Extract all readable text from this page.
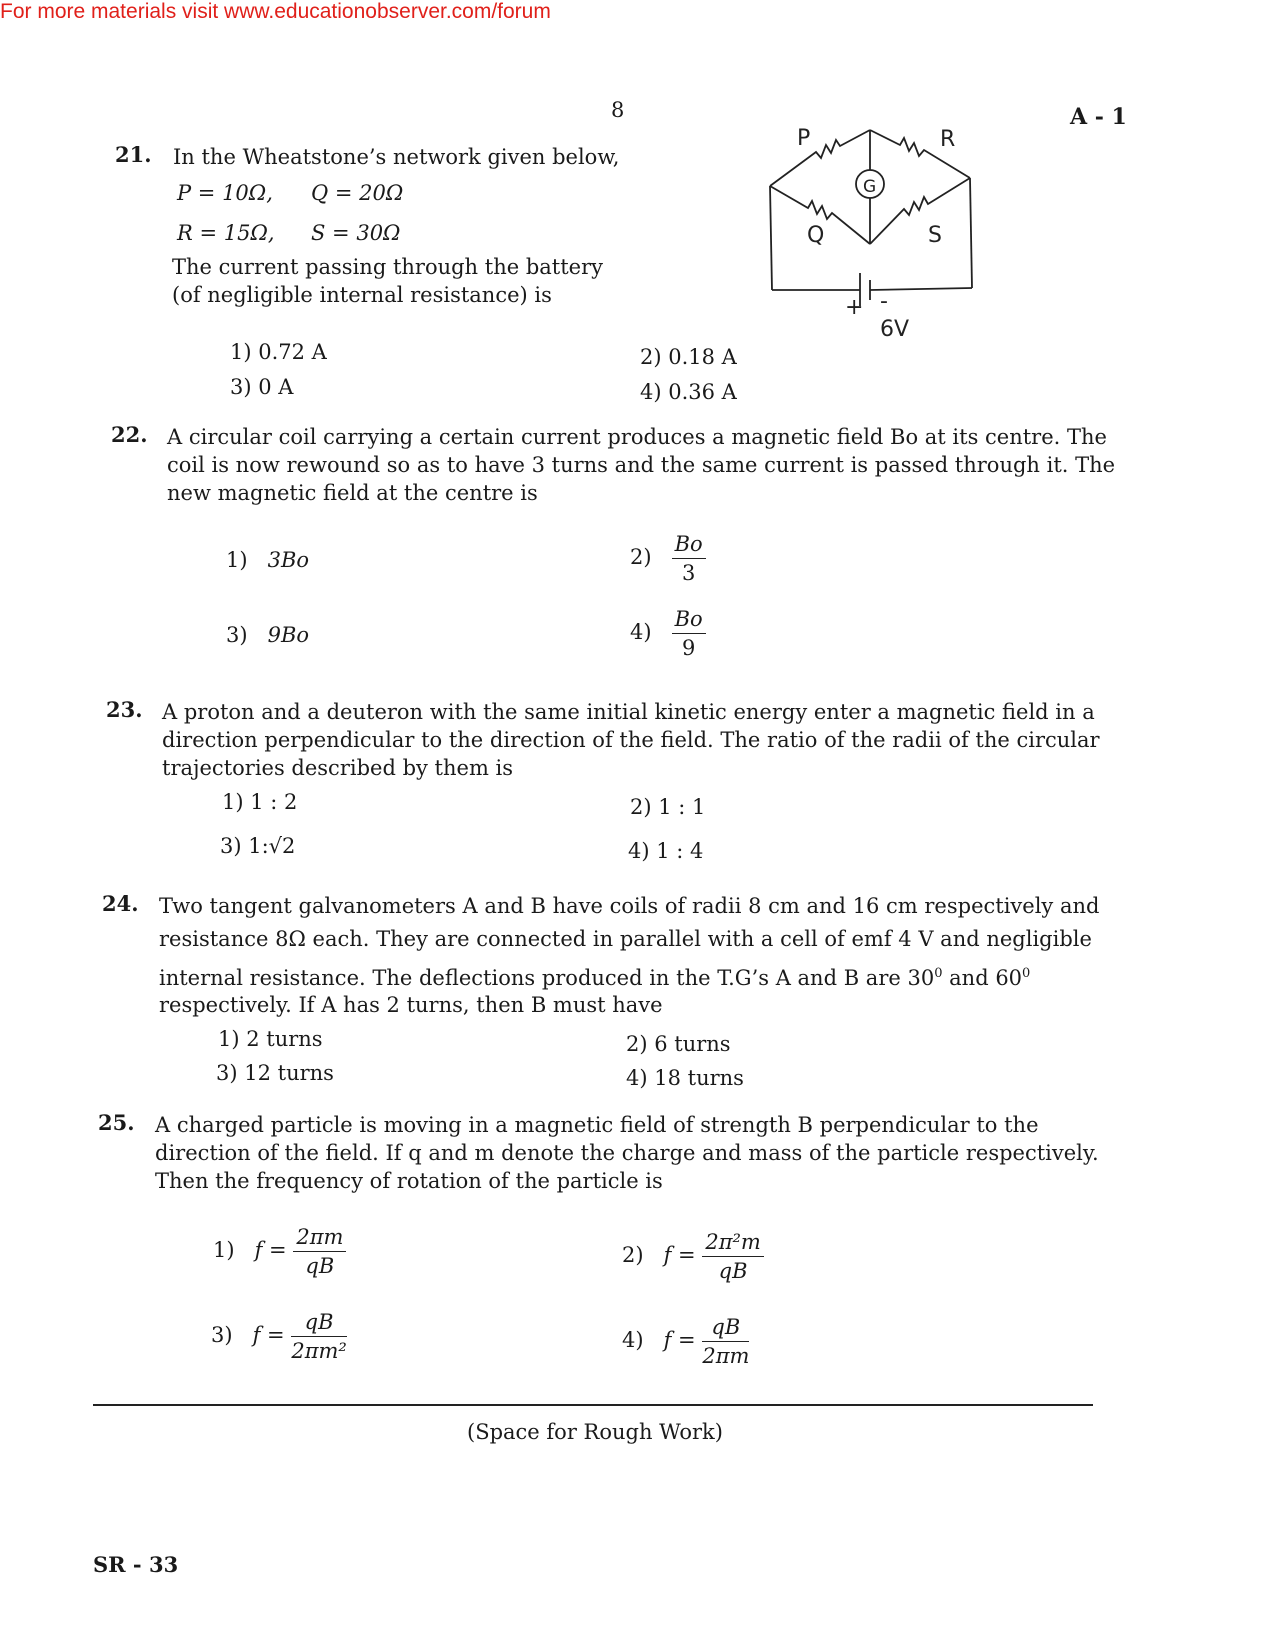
For more materials visit www.educationobserver.com/forum
8	A - 1
21. In the Wheatstone’s network given below,
P = 10Ω, Q = 20Ω
R = 15Ω, S = 30Ω
The current passing through the battery
(of negligible internal resistance) is
1) 0.72 A	2) 0.18 A
3) 0 A	4) 0.36 A
P	R
G
Q	S
+ -
6V
22. A circular coil carrying a certain current produces a magnetic field Bo at its centre. The
coil is now rewound so as to have 3 turns and the same current is passed through it. The
new magnetic field at the centre is
1) 3Bo	$2) \frac{Bo}{3}$
3) 9Bo	$4) \frac{Bo}{9}$
23. A proton and a deuteron with the same initial kinetic energy enter a magnetic field in a
direction perpendicular to the direction of the field. The ratio of the radii of the circular
trajectories described by them is
1) 1 : 2	2) 1 : 1
3) 1:√2	4) 1 : 4
24. Two tangent galvanometers A and B have coils of radii 8 cm and 16 cm respectively and
resistance 8Ω each. They are connected in parallel with a cell of emf 4 V and negligible
internal resistance. The deflections produced in the T.G’s A and B are $30^0$ and $60^0$
respectively. If A has 2 turns, then B must have
1) 2 turns	2) 6 turns
3) 12 turns	4) 18 turns
25. A charged particle is moving in a magnetic field of strength B perpendicular to the
direction of the field. If q and m denote the charge and mass of the particle respectively.
Then the frequency of rotation of the particle is
1) $f = \frac{2\pi m}{qB}$	2) $f = \frac{\text{2π²m}}{qB}$
3) $f = \frac{qB}{\text{2πm²}}$	4) $f = \frac{qB}{2\pi m}$
(Space for Rough Work)
SR - 33
